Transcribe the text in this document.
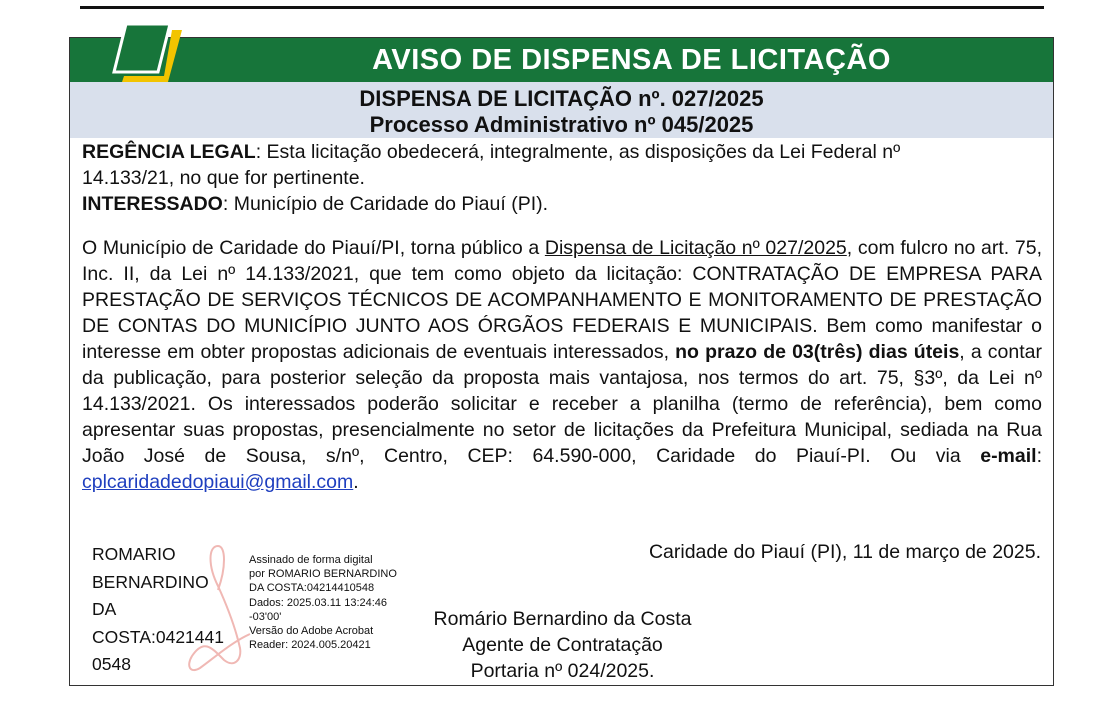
AVISO DE DISPENSA DE LICITAÇÃO
DISPENSA DE LICITAÇÃO nº. 027/2025
Processo Administrativo nº 045/2025
REGÊNCIA LEGAL: Esta licitação obedecerá, integralmente, as disposições da Lei Federal nº
14.133/21, no que for pertinente.
INTERESSADO: Município de Caridade do Piauí (PI).
O Município de Caridade do Piauí/PI, torna público a Dispensa de Licitação nº 027/2025, com fulcro no art. 75, Inc. II, da Lei nº 14.133/2021, que tem como objeto da licitação: CONTRATAÇÃO DE EMPRESA PARA PRESTAÇÃO DE SERVIÇOS TÉCNICOS DE ACOMPANHAMENTO E MONITORAMENTO DE PRESTAÇÃO DE CONTAS DO MUNICÍPIO JUNTO AOS ÓRGÃOS FEDERAIS E MUNICIPAIS. Bem como manifestar o interesse em obter propostas adicionais de eventuais interessados, no prazo de 03(três) dias úteis, a contar da publicação, para posterior seleção da proposta mais vantajosa, nos termos do art. 75, §3º, da Lei nº 14.133/2021. Os interessados poderão solicitar e receber a planilha (termo de referência), bem como apresentar suas propostas, presencialmente no setor de licitações da Prefeitura Municipal, sediada na Rua João José de Sousa, s/nº, Centro, CEP: 64.590-000, Caridade do Piauí-PI. Ou via e-mail: cplcaridadedopiaui@gmail.com.
ROMARIO
BERNARDINO
DA
COSTA:0421441
0548
Assinado de forma digital
por ROMARIO BERNARDINO
DA COSTA:04214410548
Dados: 2025.03.11 13:24:46
-03'00'
Versão do Adobe Acrobat
Reader: 2024.005.20421
Caridade do Piauí (PI), 11 de março de 2025.
Romário Bernardino da Costa
Agente de Contratação
Portaria nº 024/2025.
